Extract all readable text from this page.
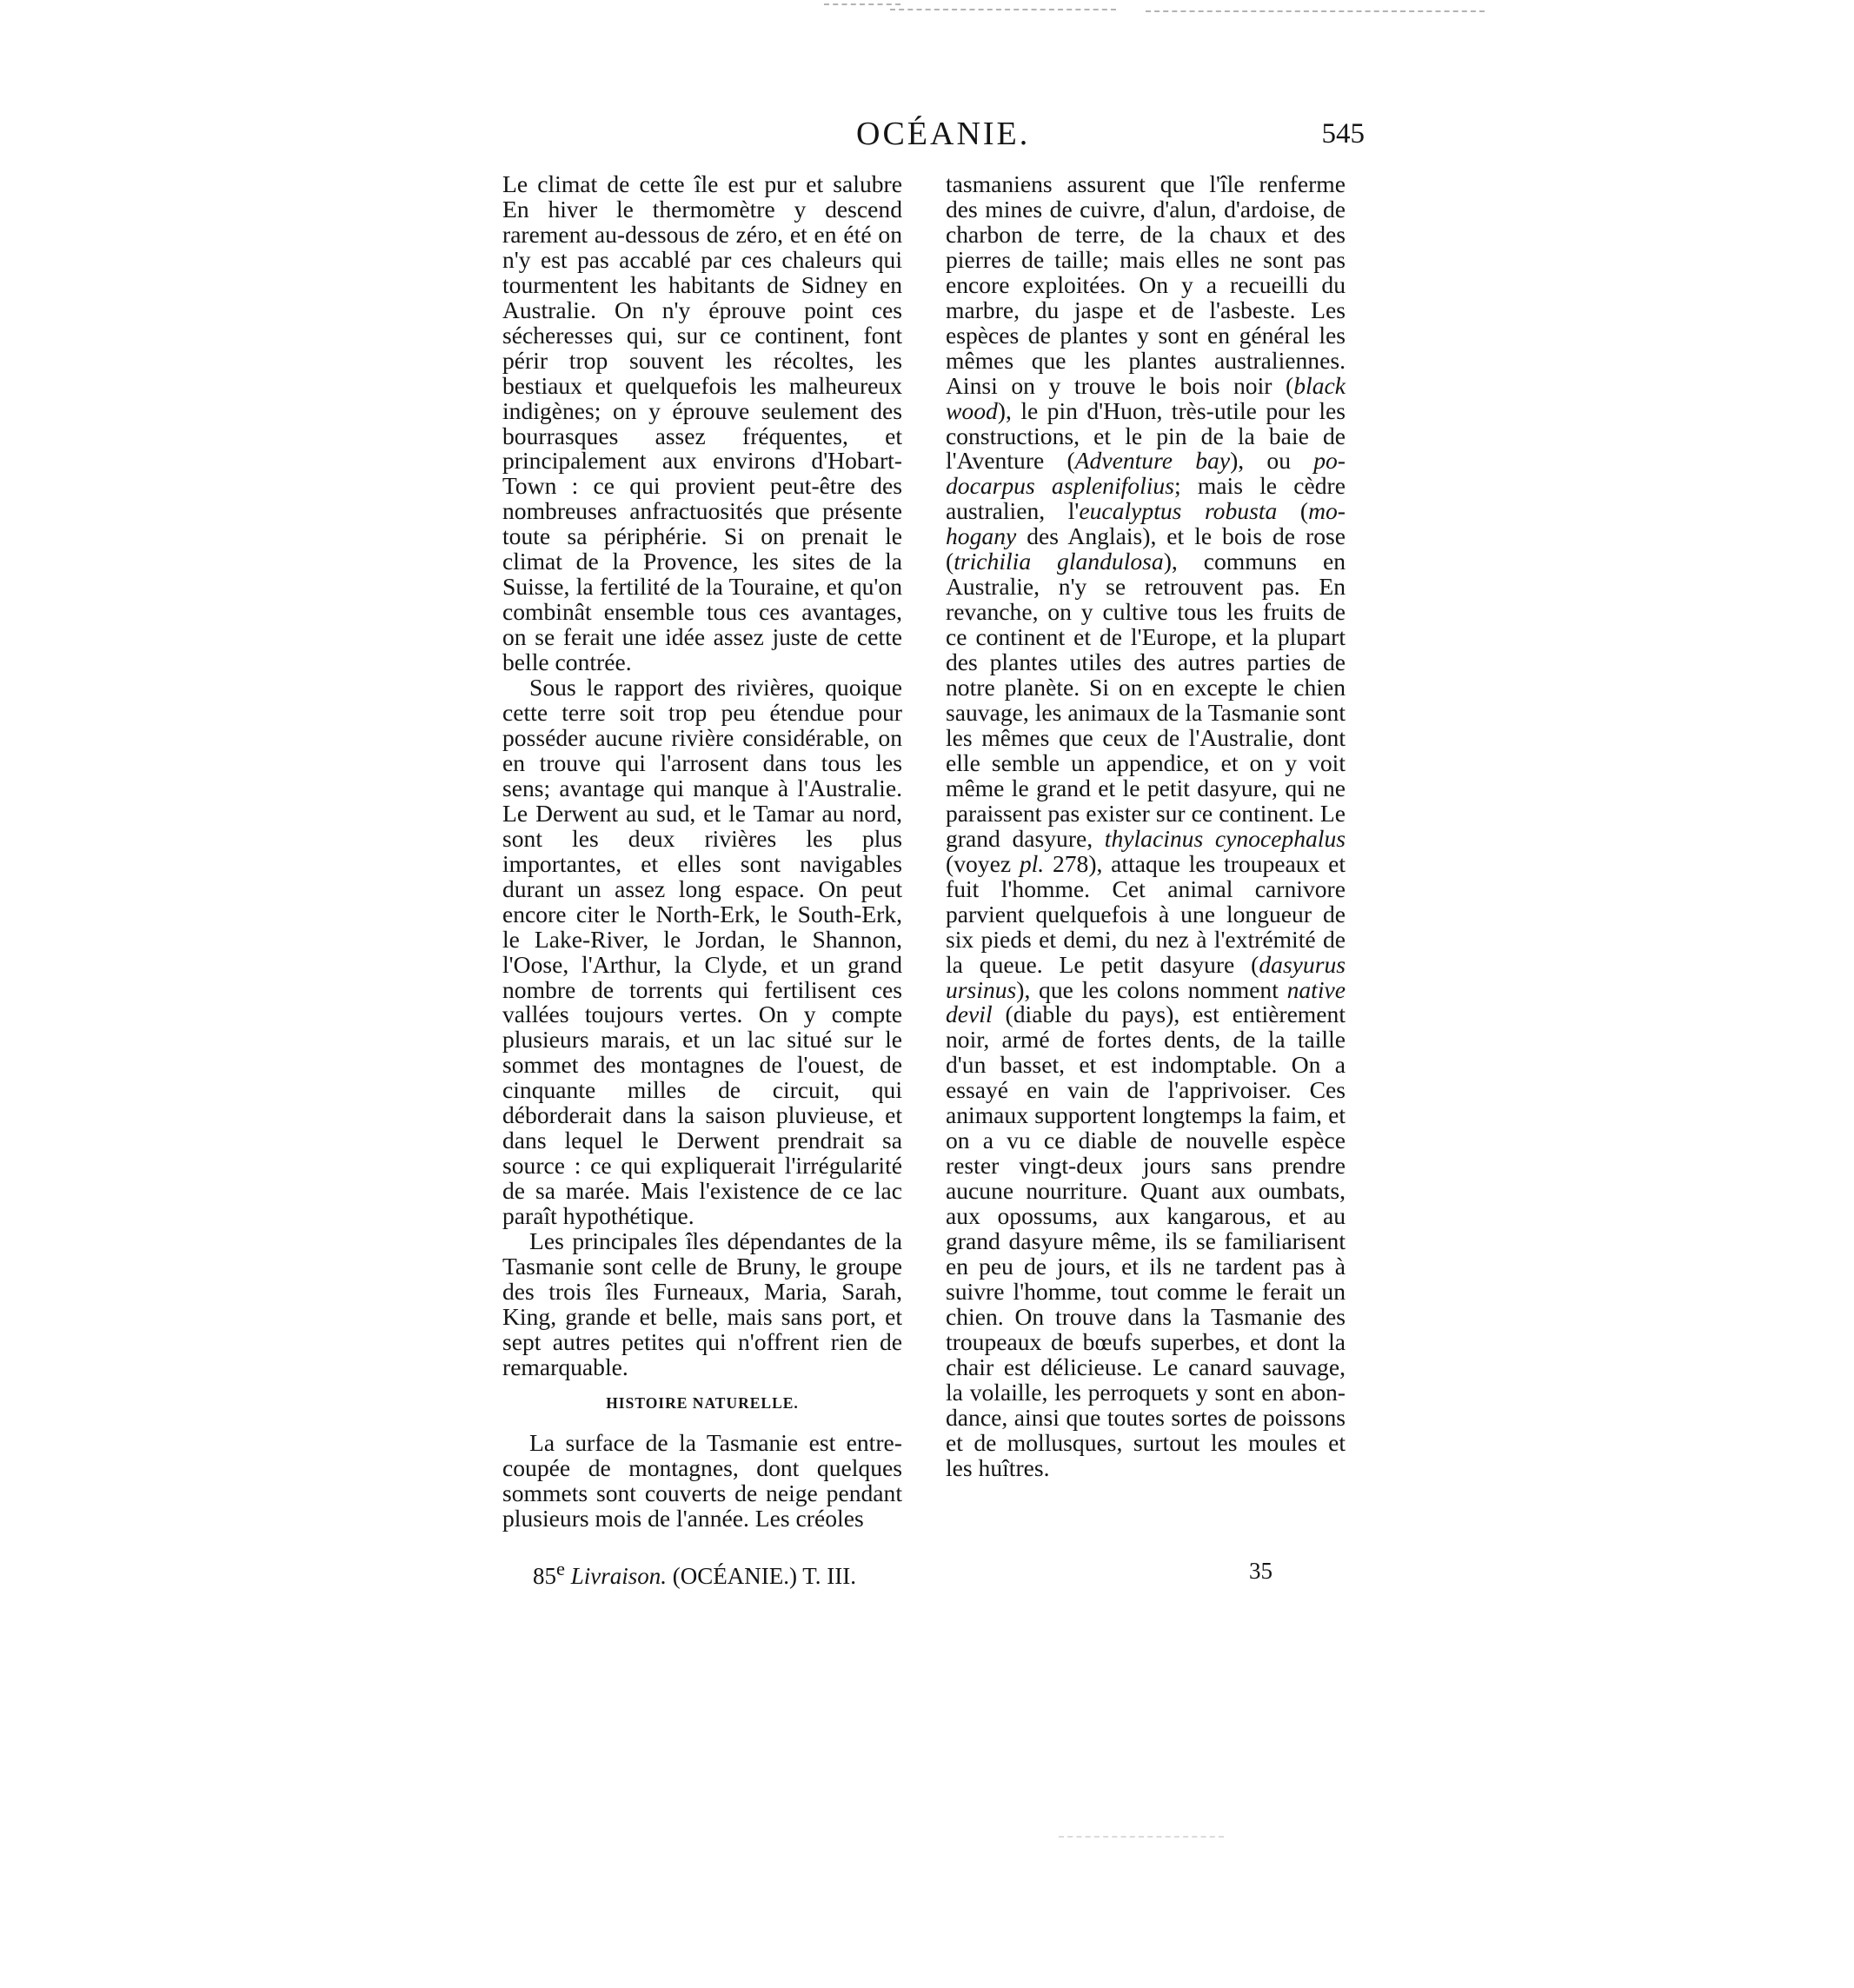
OCÉANIE.	545

Le climat de cette île est pur et salubre En hiver le thermomètre y descend rarement au-dessous de zéro, et en été on n'y est pas accablé par ces chaleurs qui tourmentent les habitants de Sidney en Australie. On n'y éprouve point ces sécheresses qui, sur ce continent, font périr trop souvent les récoltes, les bestiaux et quelquefois les malheureux indigènes; on y éprouve seulement des bourrasques assez fréquentes, et principalement aux environs d'Hobart-Town : ce qui provient peut-être des nombreuses anfractuosités que présente toute sa périphérie. Si on prenait le climat de la Provence, les sites de la Suisse, la fertilité de la Touraine, et qu'on combinât ensemble tous ces avantages, on se ferait une idée assez juste de cette belle contrée.

Sous le rapport des rivières, quoique cette terre soit trop peu étendue pour posséder aucune rivière considérable, on en trouve qui l'arrosent dans tous les sens; avantage qui manque à l'Australie. Le Derwent au sud, et le Tamar au nord, sont les deux rivières les plus importantes, et elles sont navigables durant un assez long espace. On peut encore citer le North-Erk, le South-Erk, le Lake-River, le Jordan, le Shannon, l'Oose, l'Arthur, la Clyde, et un grand nombre de torrents qui fertilisent ces vallées toujours vertes. On y compte plusieurs marais, et un lac situé sur le sommet des montagnes de l'ouest, de cinquante milles de circuit, qui déborderait dans la saison pluvieuse, et dans lequel le Derwent prendrait sa source : ce qui expliquerait l'irrégularité de sa marée. Mais l'existence de ce lac paraît hypothétique.

Les principales îles dépendantes de la Tasmanie sont celle de Bruny, le groupe des trois îles Furneaux, Maria, Sarah, King, grande et belle, mais sans port, et sept autres petites qui n'offrent rien de remarquable.

HISTOIRE NATURELLE.

La surface de la Tasmanie est entrecoupée de montagnes, dont quelques sommets sont couverts de neige pendant plusieurs mois de l'année. Les créoles

tasmaniens assurent que l'île renferme des mines de cuivre, d'alun, d'ardoise, de charbon de terre, de la chaux et des pierres de taille; mais elles ne sont pas encore exploitées. On y a recueilli du marbre, du jaspe et de l'asbeste. Les espèces de plantes y sont en général les mêmes que les plantes australiennes. Ainsi on y trouve le bois noir (black wood), le pin d'Huon, très-utile pour les constructions, et le pin de la baie de l'Aventure (Adventure bay), ou podocarpus asplenifolius; mais le cèdre australien, l'eucalyptus robusta (mohogany des Anglais), et le bois de rose (trichilia glandulosa), communs en Australie, n'y se retrouvent pas. En revanche, on y cultive tous les fruits de ce continent et de l'Europe, et la plupart des plantes utiles des autres parties de notre planète. Si on en excepte le chien sauvage, les animaux de la Tasmanie sont les mêmes que ceux de l'Australie, dont elle semble un appendice, et on y voit même le grand et le petit dasyure, qui ne paraissent pas exister sur ce continent. Le grand dasyure, thylacinus cynocephalus (voyez pl. 278), attaque les troupeaux et fuit l'homme. Cet animal carnivore parvient quelquefois à une longueur de six pieds et demi, du nez à l'extrémité de la queue. Le petit dasyure (dasyurus ursinus), que les colons nomment native devil (diable du pays), est entièrement noir, armé de fortes dents, de la taille d'un basset, et est indomptable. On a essayé en vain de l'apprivoiser. Ces animaux supportent longtemps la faim, et on a vu ce diable de nouvelle espèce rester vingt-deux jours sans prendre aucune nourriture. Quant aux oumbats, aux opossums, aux kangarous, et au grand dasyure même, ils se familiarisent en peu de jours, et ils ne tardent pas à suivre l'homme, tout comme le ferait un chien. On trouve dans la Tasmanie des troupeaux de bœufs superbes, et dont la chair est délicieuse. Le canard sauvage, la volaille, les perroquets y sont en abondance, ainsi que toutes sortes de poissons et de mollusques, surtout les moules et les huîtres.

85e Livraison. (OCÉANIE.) T. III.	35
